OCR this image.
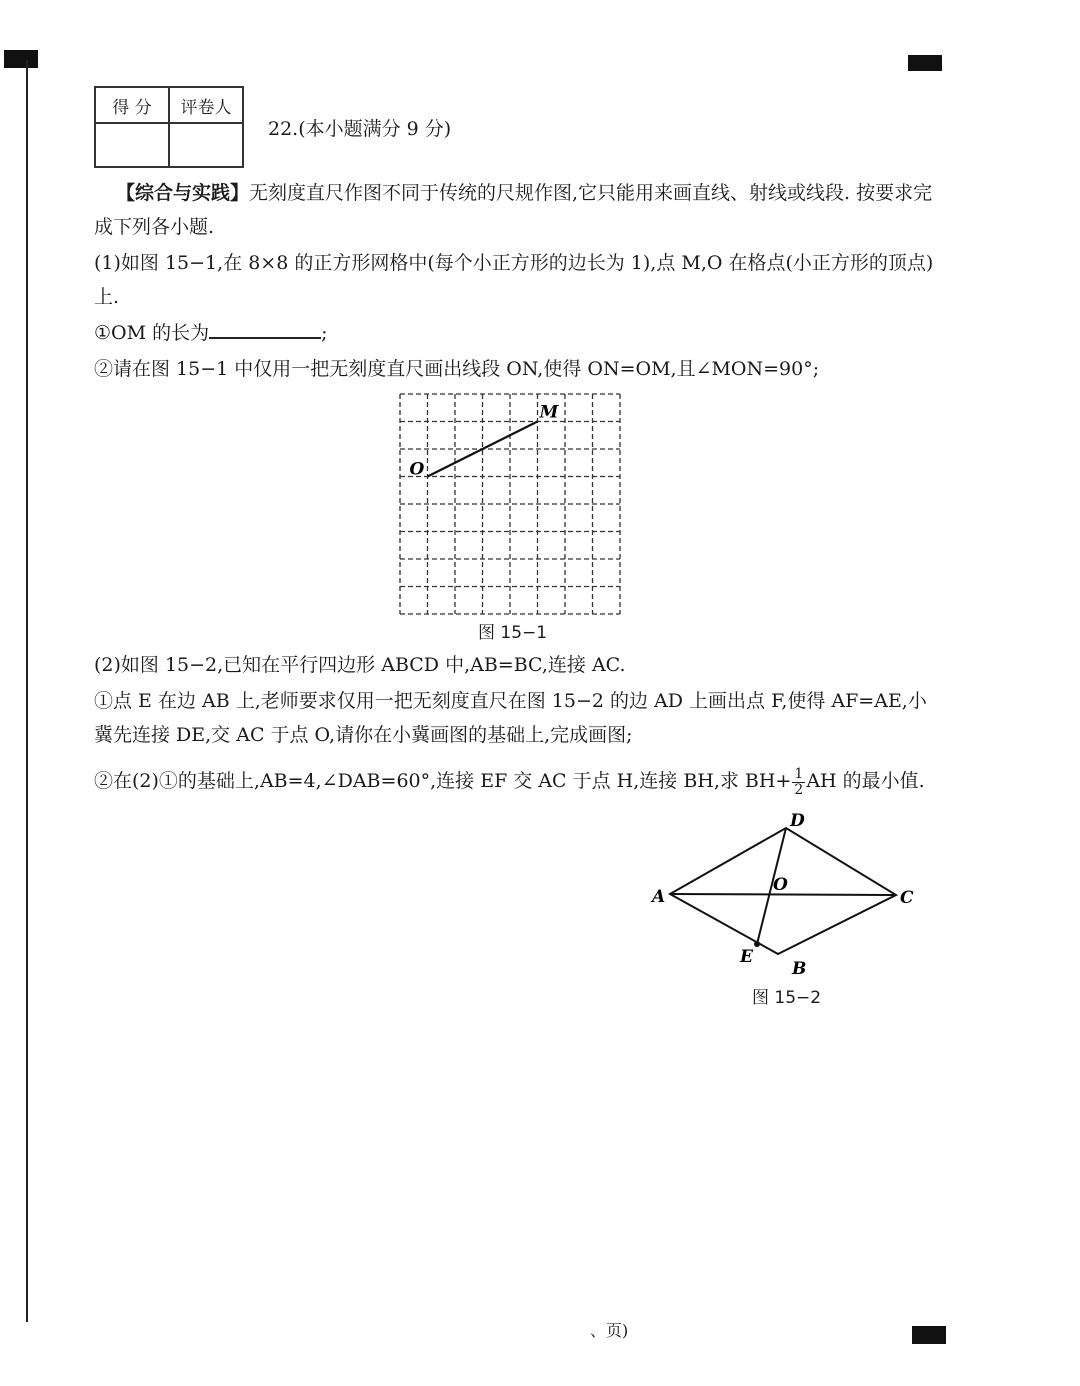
得 分	评卷人

22.(本小题满分 9 分)

【综合与实践】无刻度直尺作图不同于传统的尺规作图,它只能用来画直线、射线或线段. 按要求完成下列各小题.

(1)如图 15−1,在 8×8 的正方形网格中(每个小正方形的边长为 1),点 M,O 在格点(小正方形的顶点)上.

①OM 的长为	;

②请在图 15−1 中仅用一把无刻度直尺画出线段 ON,使得 ON=OM,且∠MON=90°;

M
O
图 15−1

(2)如图 15−2,已知在平行四边形 ABCD 中,AB=BC,连接 AC.

①点 E 在边 AB 上,老师要求仅用一把无刻度直尺在图 15−2 的边 AD 上画出点 F,使得 AF=AE,小冀先连接 DE,交 AC 于点 O,请你在小冀画图的基础上,完成画图;

②在(2)①的基础上,AB=4,∠DAB=60°,连接 EF 交 AC 于点 H,连接 BH,求 $BH+ \frac{1}{2}$ AH 的最小值.

A
D
C
B
E
O
图 15−2
、页)
